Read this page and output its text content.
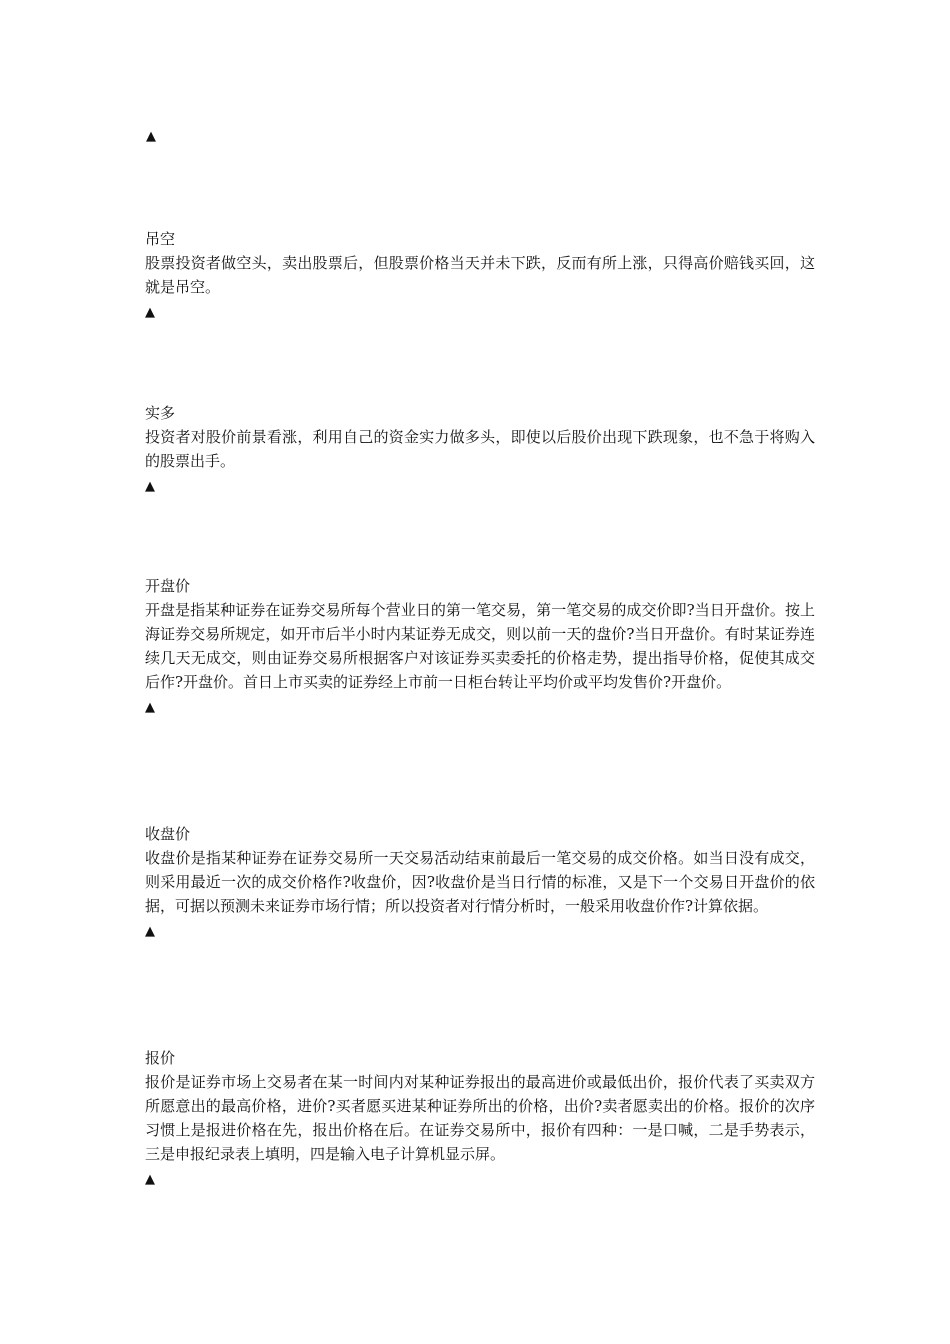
▲
吊空

股票投资者做空头，卖出股票后，但股票价格当天并未下跌，反而有所上涨，只得高价赔钱买回，这就是吊空。

▲
实多

投资者对股价前景看涨，利用自己的资金实力做多头，即使以后股价出现下跌现象，也不急于将购入的股票出手。

▲
开盘价

开盘是指某种证券在证券交易所每个营业日的第一笔交易，第一笔交易的成交价即?当日开盘价。按上海证券交易所规定，如开市后半小时内某证券无成交，则以前一天的盘价?当日开盘价。有时某证券连续几天无成交，则由证券交易所根据客户对该证券买卖委托的价格走势，提出指导价格，促使其成交后作?开盘价。首日上市买卖的证券经上市前一日柜台转让平均价或平均发售价?开盘价。

▲
收盘价

收盘价是指某种证券在证券交易所一天交易活动结束前最后一笔交易的成交价格。如当日没有成交，则采用最近一次的成交价格作?收盘价，因?收盘价是当日行情的标准，又是下一个交易日开盘价的依据，可据以预测未来证券市场行情；所以投资者对行情分析时，一般采用收盘价作?计算依据。

▲
报价

报价是证券市场上交易者在某一时间内对某种证券报出的最高进价或最低出价，报价代表了买卖双方所愿意出的最高价格，进价?买者愿买进某种证券所出的价格，出价?卖者愿卖出的价格。报价的次序习惯上是报进价格在先，报出价格在后。在证券交易所中，报价有四种：一是口喊，二是手势表示，三是申报纪录表上填明，四是输入电子计算机显示屏。

▲
